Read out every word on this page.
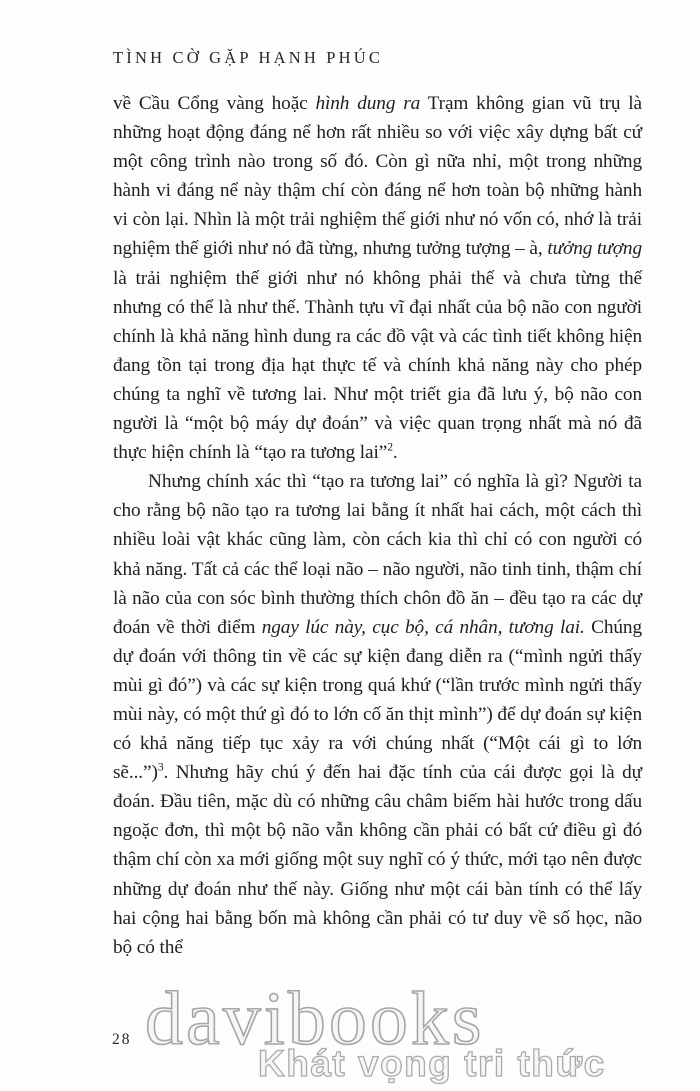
TÌNH CỜ GẶP HẠNH PHÚC

về Cầu Cổng vàng hoặc hình dung ra Trạm không gian vũ trụ là những hoạt động đáng nể hơn rất nhiều so với việc xây dựng bất cứ một công trình nào trong số đó. Còn gì nữa nhỉ, một trong những hành vi đáng nể này thậm chí còn đáng nể hơn toàn bộ những hành vi còn lại. Nhìn là một trải nghiệm thế giới như nó vốn có, nhớ là trải nghiệm thế giới như nó đã từng, nhưng tưởng tượng – à, tưởng tượng là trải nghiệm thế giới như nó không phải thế và chưa từng thế nhưng có thể là như thế. Thành tựu vĩ đại nhất của bộ não con người chính là khả năng hình dung ra các đồ vật và các tình tiết không hiện đang tồn tại trong địa hạt thực tế và chính khả năng này cho phép chúng ta nghĩ về tương lai. Như một triết gia đã lưu ý, bộ não con người là “một bộ máy dự đoán” và việc quan trọng nhất mà nó đã thực hiện chính là “tạo ra tương lai”$^2$.

Nhưng chính xác thì “tạo ra tương lai” có nghĩa là gì? Người ta cho rằng bộ não tạo ra tương lai bằng ít nhất hai cách, một cách thì nhiều loài vật khác cũng làm, còn cách kia thì chỉ có con người có khả năng. Tất cả các thể loại não – não người, não tinh tinh, thậm chí là não của con sóc bình thường thích chôn đồ ăn – đều tạo ra các dự đoán về thời điểm ngay lúc này, cục bộ, cá nhân, tương lai. Chúng dự đoán với thông tin về các sự kiện đang diễn ra (“mình ngửi thấy mùi gì đó”) và các sự kiện trong quá khứ (“lần trước mình ngửi thấy mùi này, có một thứ gì đó to lớn cố ăn thịt mình”) để dự đoán sự kiện có khả năng tiếp tục xảy ra với chúng nhất (“Một cái gì to lớn sẽ...”)$^3$. Nhưng hãy chú ý đến hai đặc tính của cái được gọi là dự đoán. Đầu tiên, mặc dù có những câu châm biếm hài hước trong dấu ngoặc đơn, thì một bộ não vẫn không cần phải có bất cứ điều gì đó thậm chí còn xa mới giống một suy nghĩ có ý thức, mới tạo nên được những dự đoán như thế này. Giống như một cái bàn tính có thể lấy hai cộng hai bằng bốn mà không cần phải có tư duy về số học, não bộ có thể

davibooks
Khát vọng tri thức
28
